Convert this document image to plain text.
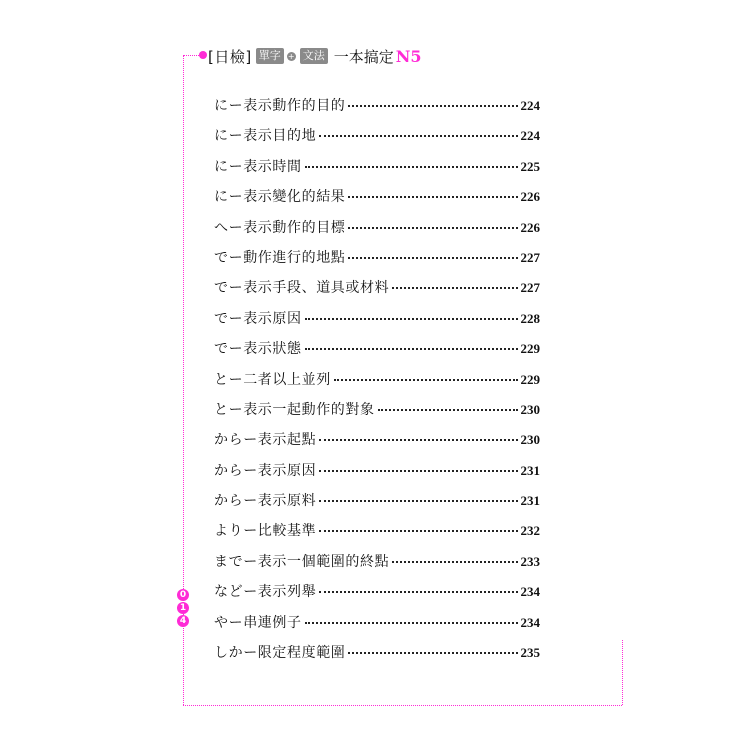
[日檢] 單字 + 文法 一本搞定 N5
にー表示動作的目的	224
にー表示目的地	224
にー表示時間	225
にー表示變化的結果	226
へー表示動作的目標	226
でー動作進行的地點	227
でー表示手段、道具或材料	227
でー表示原因	228
でー表示狀態	229
とー二者以上並列	229
とー表示一起動作的對象	230
からー表示起點	230
からー表示原因	231
からー表示原料	231
よりー比較基準	232
までー表示一個範圍的終點	233
などー表示列舉	234
やー串連例子	234
しかー限定程度範圍	235
0
1
4
